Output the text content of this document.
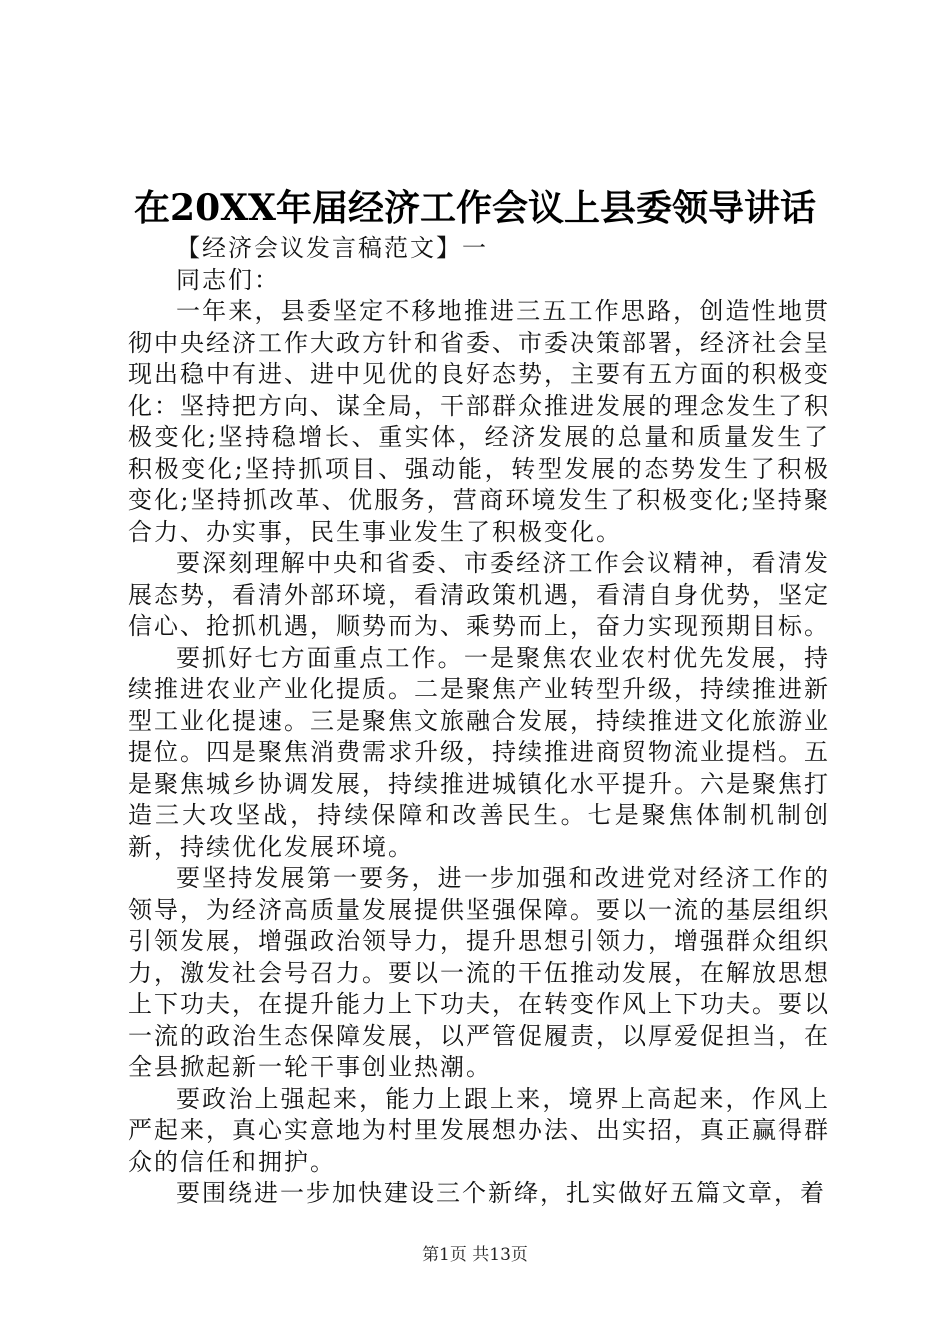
在20XX年届经济工作会议上县委领导讲话

【经济会议发言稿范文】一

同志们：

一年来，县委坚定不移地推进三五工作思路，创造性地贯彻中央经济工作大政方针和省委、市委决策部署，经济社会呈现出稳中有进、进中见优的良好态势，主要有五方面的积极变化：坚持把方向、谋全局，干部群众推进发展的理念发生了积极变化;坚持稳增长、重实体，经济发展的总量和质量发生了积极变化;坚持抓项目、强动能，转型发展的态势发生了积极变化;坚持抓改革、优服务，营商环境发生了积极变化;坚持聚合力、办实事，民生事业发生了积极变化。

要深刻理解中央和省委、市委经济工作会议精神，看清发展态势，看清外部环境，看清政策机遇，看清自身优势，坚定信心、抢抓机遇，顺势而为、乘势而上，奋力实现预期目标。

要抓好七方面重点工作。一是聚焦农业农村优先发展，持续推进农业产业化提质。二是聚焦产业转型升级，持续推进新型工业化提速。三是聚焦文旅融合发展，持续推进文化旅游业提位。四是聚焦消费需求升级，持续推进商贸物流业提档。五是聚焦城乡协调发展，持续推进城镇化水平提升。六是聚焦打造三大攻坚战，持续保障和改善民生。七是聚焦体制机制创新，持续优化发展环境。

要坚持发展第一要务，进一步加强和改进党对经济工作的领导，为经济高质量发展提供坚强保障。要以一流的基层组织引领发展，增强政治领导力，提升思想引领力，增强群众组织力，激发社会号召力。要以一流的干伍推动发展，在解放思想上下功夫，在提升能力上下功夫，在转变作风上下功夫。要以一流的政治生态保障发展，以严管促履责，以厚爱促担当，在全县掀起新一轮干事创业热潮。

要政治上强起来，能力上跟上来，境界上高起来，作风上严起来，真心实意地为村里发展想办法、出实招，真正赢得群众的信任和拥护。

要围绕进一步加快建设三个新绛，扎实做好五篇文章，着

第1页 共13页
